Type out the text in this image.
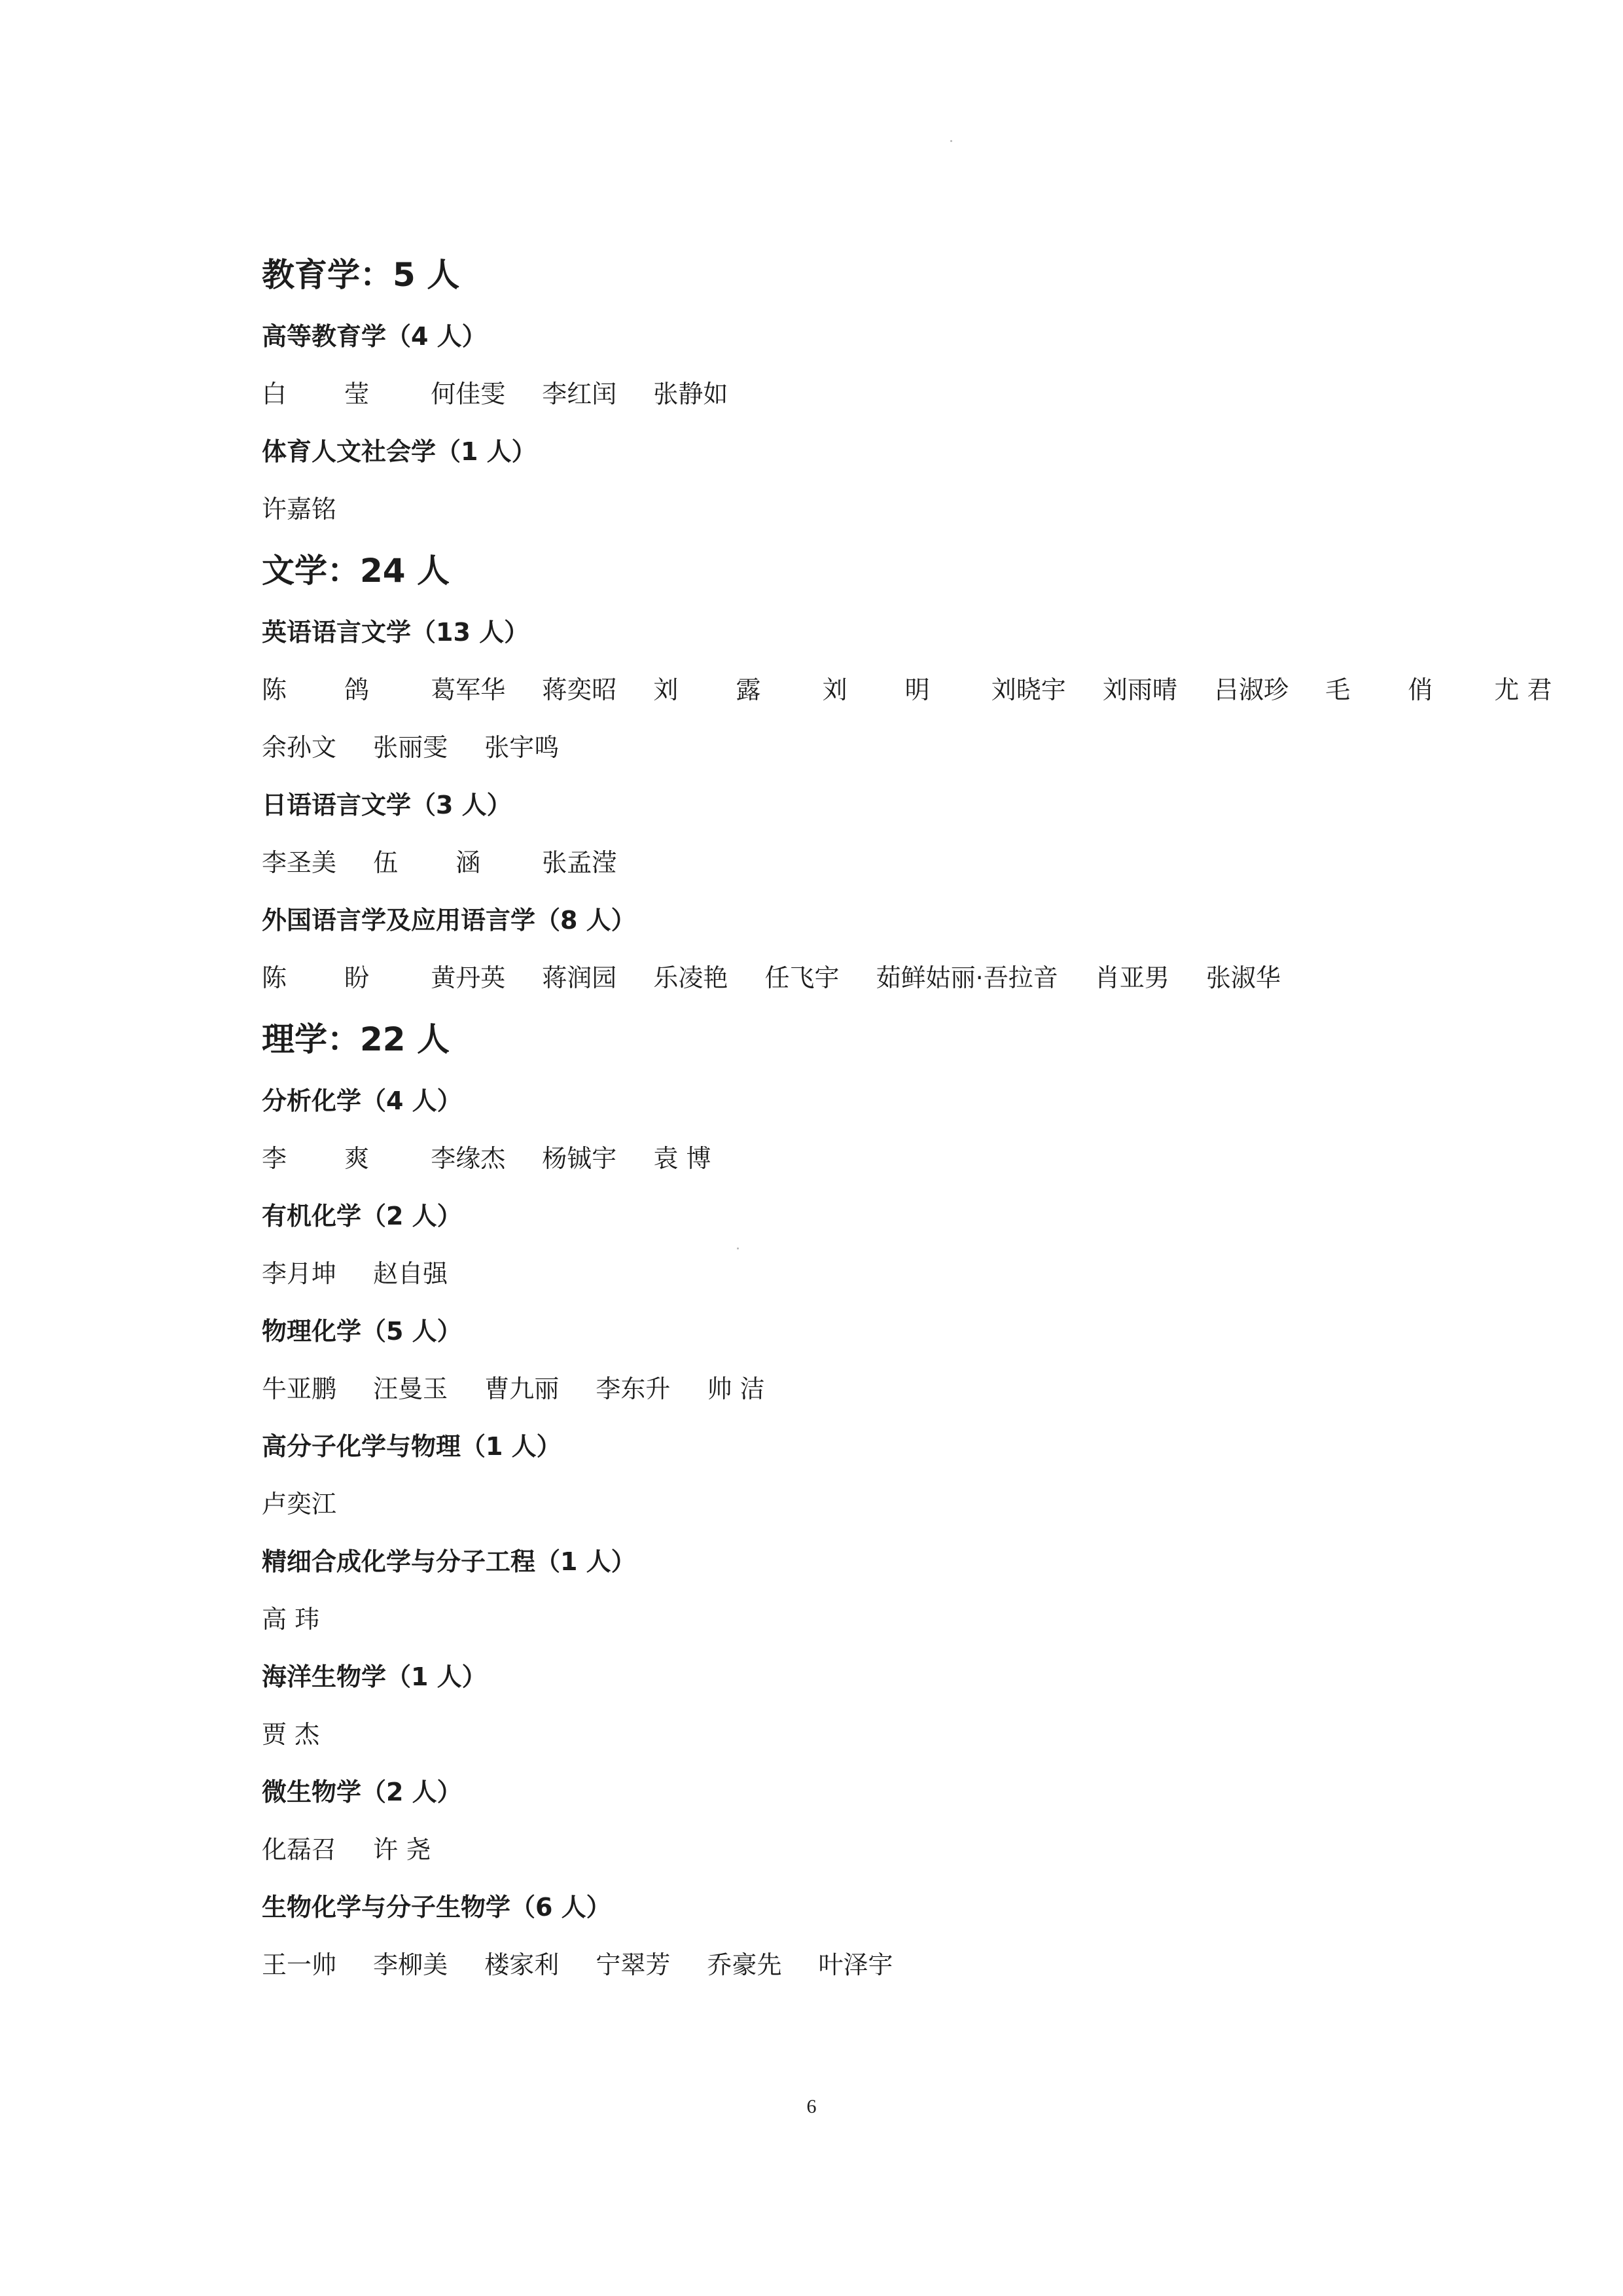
教育学：5 人
高等教育学（4 人）
白 莹 何佳雯 李红闰 张静如
体育人文社会学（1 人）
许嘉铭
文学：24 人
英语语言文学（13 人）
陈 鸽 葛军华 蒋奕昭 刘 露 刘 明 刘晓宇 刘雨晴 吕淑珍 毛 俏 尤 君
余孙文 张丽雯 张宇鸣
日语语言文学（3 人）
李圣美 伍 涵 张孟滢
外国语言学及应用语言学（8 人）
陈 盼 黄丹英 蒋润园 乐凌艳 任飞宇 茹鲜姑丽·吾拉音 肖亚男 张淑华
理学：22 人
分析化学（4 人）
李 爽 李缘杰 杨铖宇 袁 博
有机化学（2 人）
李月坤 赵自强
物理化学（5 人）
牛亚鹏 汪曼玉 曹九丽 李东升 帅 洁
高分子化学与物理（1 人）
卢奕江
精细合成化学与分子工程（1 人）
高 玮
海洋生物学（1 人）
贾 杰
微生物学（2 人）
化磊召 许 尧
生物化学与分子生物学（6 人）
王一帅 李柳美 楼家利 宁翠芳 乔豪先 叶泽宇
6
